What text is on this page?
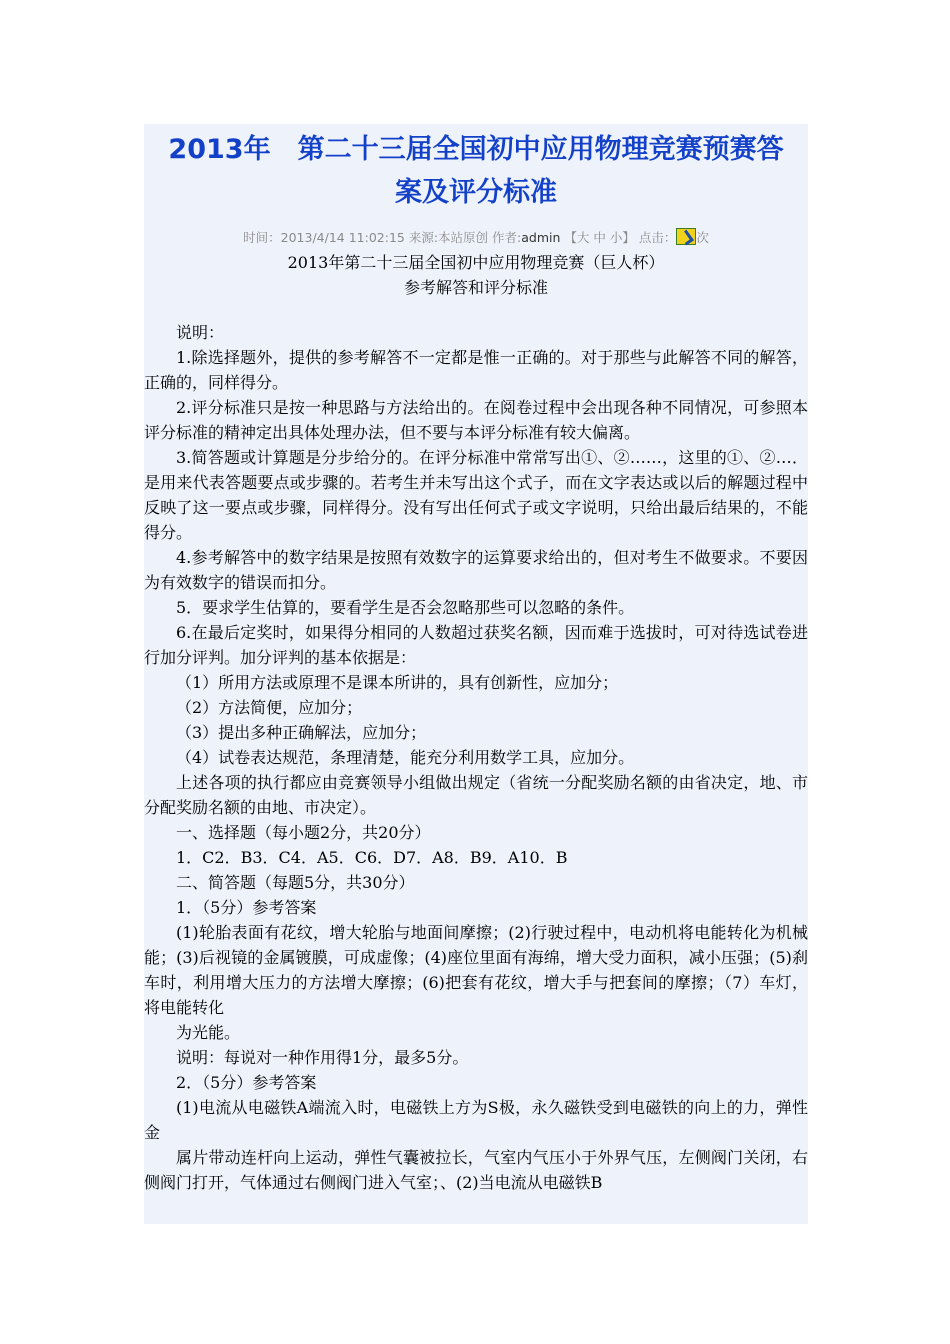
2013年　第二十三届全国初中应用物理竞赛预赛答
案及评分标准
时间：2013/4/14 11:02:15 来源:本站原创 作者:admin 【大 中 小】 点击： 次
2013年第二十三届全国初中应用物理竞赛（巨人杯）
参考解答和评分标准

说明：

1.除选择题外，提供的参考解答不一定都是惟一正确的。对于那些与此解答不同的解答，正确的，同样得分。

2.评分标准只是按一种思路与方法给出的。在阅卷过程中会出现各种不同情况，可参照本评分标准的精神定出具体处理办法，但不要与本评分标准有较大偏离。

3.简答题或计算题是分步给分的。在评分标准中常常写出①、②……，这里的①、②…．是用来代表答题要点或步骤的。若考生并未写出这个式子，而在文字表达或以后的解题过程中反映了这一要点或步骤，同样得分。没有写出任何式子或文字说明，只给出最后结果的，不能得分。

4.参考解答中的数字结果是按照有效数字的运算要求给出的，但对考生不做要求。不要因为有效数字的错误而扣分。

5．要求学生估算的，要看学生是否会忽略那些可以忽略的条件。

6.在最后定奖时，如果得分相同的人数超过获奖名额，因而难于选拔时，可对待选试卷进行加分评判。加分评判的基本依据是：

（1）所用方法或原理不是课本所讲的，具有创新性，应加分；

（2）方法简便，应加分；

（3）提出多种正确解法，应加分；

（4）试卷表达规范，条理清楚，能充分利用数学工具，应加分。

上述各项的执行都应由竞赛领导小组做出规定（省统一分配奖励名额的由省决定，地、市分配奖励名额的由地、市决定）。

一、选择题（每小题2分，共20分）

1．C2．B3．C4．A5．C6．D7．A8．B9．A10．B

二、简答题（每题5分，共30分）

1．（5分）参考答案

(1)轮胎表面有花纹，增大轮胎与地面间摩擦；(2)行驶过程中，电动机将电能转化为机械能；(3)后视镜的金属镀膜，可成虚像；(4)座位里面有海绵，增大受力面积，减小压强；(5)刹车时，利用增大压力的方法增大摩擦；(6)把套有花纹，增大手与把套间的摩擦；（7）车灯，将电能转化

为光能。

说明：每说对一种作用得1分，最多5分。

2．（5分）参考答案

(1)电流从电磁铁A端流入时，电磁铁上方为S极，永久磁铁受到电磁铁的向上的力，弹性金

属片带动连杆向上运动，弹性气囊被拉长，气室内气压小于外界气压，左侧阀门关闭，右侧阀门打开，气体通过右侧阀门进入气室；、(2)当电流从电磁铁B
